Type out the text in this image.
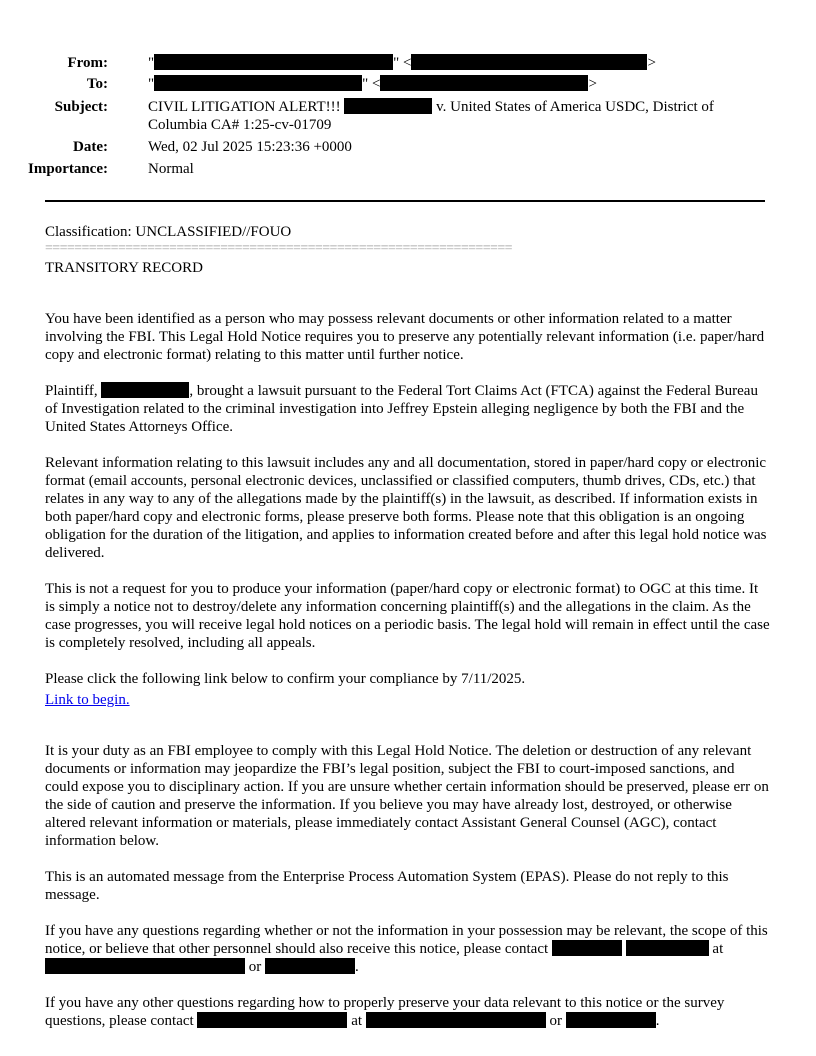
From:	"	" <	>
To:	"	" <	>
Subject:	CIVIL LITIGATION ALERT!!!	v. United States of America USDC, District of Columbia CA# 1:25-cv-01709
Date:	Wed, 02 Jul 2025 15:23:36 +0000
Importance:	Normal
Classification: UNCLASSIFIED//FOUO
================================================================
TRANSITORY RECORD

You have been identified as a person who may possess relevant documents or other information related to a matter involving the FBI. This Legal Hold Notice requires you to preserve any potentially relevant information (i.e. paper/hard copy and electronic format) relating to this matter until further notice.

Plaintiff,	, brought a lawsuit pursuant to the Federal Tort Claims Act (FTCA) against the Federal Bureau of Investigation related to the criminal investigation into Jeffrey Epstein alleging negligence by both the FBI and the United States Attorneys Office.

Relevant information relating to this lawsuit includes any and all documentation, stored in paper/hard copy or electronic format (email accounts, personal electronic devices, unclassified or classified computers, thumb drives, CDs, etc.) that relates in any way to any of the allegations made by the plaintiff(s) in the lawsuit, as described. If information exists in both paper/hard copy and electronic forms, please preserve both forms. Please note that this obligation is an ongoing obligation for the duration of the litigation, and applies to information created before and after this legal hold notice was delivered.

This is not a request for you to produce your information (paper/hard copy or electronic format) to OGC at this time. It is simply a notice not to destroy/delete any information concerning plaintiff(s) and the allegations in the claim. As the case progresses, you will receive legal hold notices on a periodic basis. The legal hold will remain in effect until the case is completely resolved, including all appeals.

Please click the following link below to confirm your compliance by 7/11/2025.

Link to begin.

It is your duty as an FBI employee to comply with this Legal Hold Notice. The deletion or destruction of any relevant documents or information may jeopardize the FBI’s legal position, subject the FBI to court-imposed sanctions, and could expose you to disciplinary action. If you are unsure whether certain information should be preserved, please err on the side of caution and preserve the information. If you believe you may have already lost, destroyed, or otherwise altered relevant information or materials, please immediately contact Assistant General Counsel (AGC), contact information below.

This is an automated message from the Enterprise Process Automation System (EPAS). Please do not reply to this message.

If you have any questions regarding whether or not the information in your possession may be relevant, the scope of this notice, or believe that other personnel should also receive this notice, please contact	at  or	.

If you have any other questions regarding how to properly preserve your data relevant to this notice or the survey questions, please contact	at	or	.
